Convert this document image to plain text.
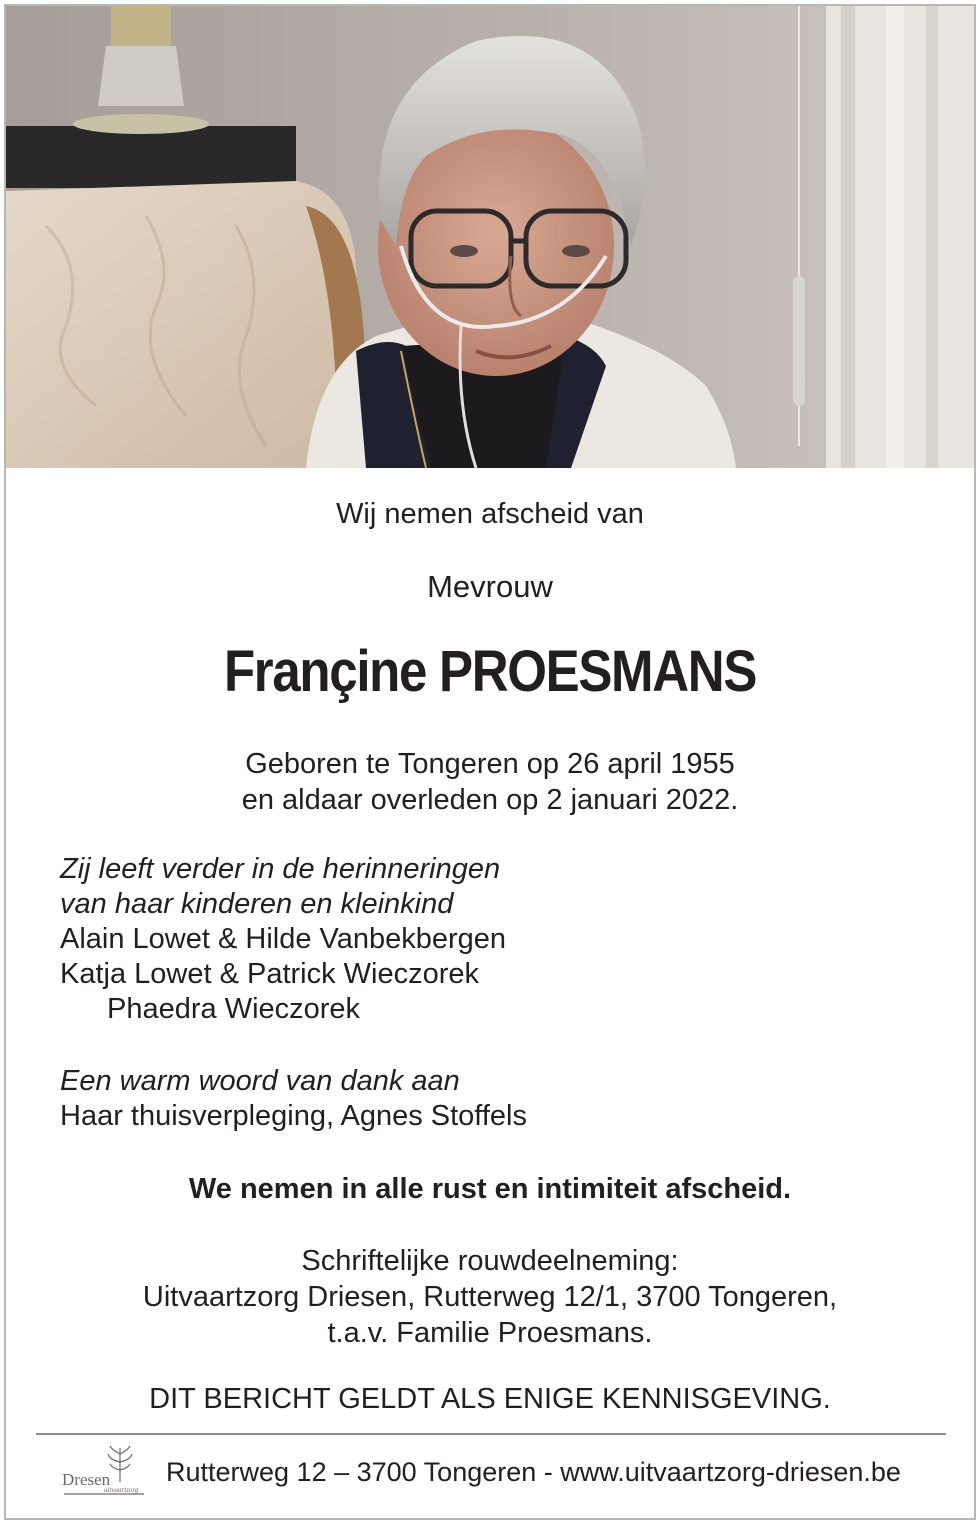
Wij nemen afscheid van
Mevrouw
Françine PROESMANS
Geboren te Tongeren op 26 april 1955
en aldaar overleden op 2 januari 2022.
Zij leeft verder in de herinneringen
van haar kinderen en kleinkind
Alain Lowet & Hilde Vanbekbergen
Katja Lowet & Patrick Wieczorek
Phaedra Wieczorek
Een warm woord van dank aan
Haar thuisverpleging, Agnes Stoffels
We nemen in alle rust en intimiteit afscheid.
Schriftelijke rouwdeelneming:
Uitvaartzorg Driesen, Rutterweg 12/1, 3700 Tongeren,
t.a.v. Familie Proesmans.
DIT BERICHT GELDT ALS ENIGE KENNISGEVING.
Dresen
uitvaartzorg
Rutterweg 12 – 3700 Tongeren - www.uitvaartzorg-driesen.be
